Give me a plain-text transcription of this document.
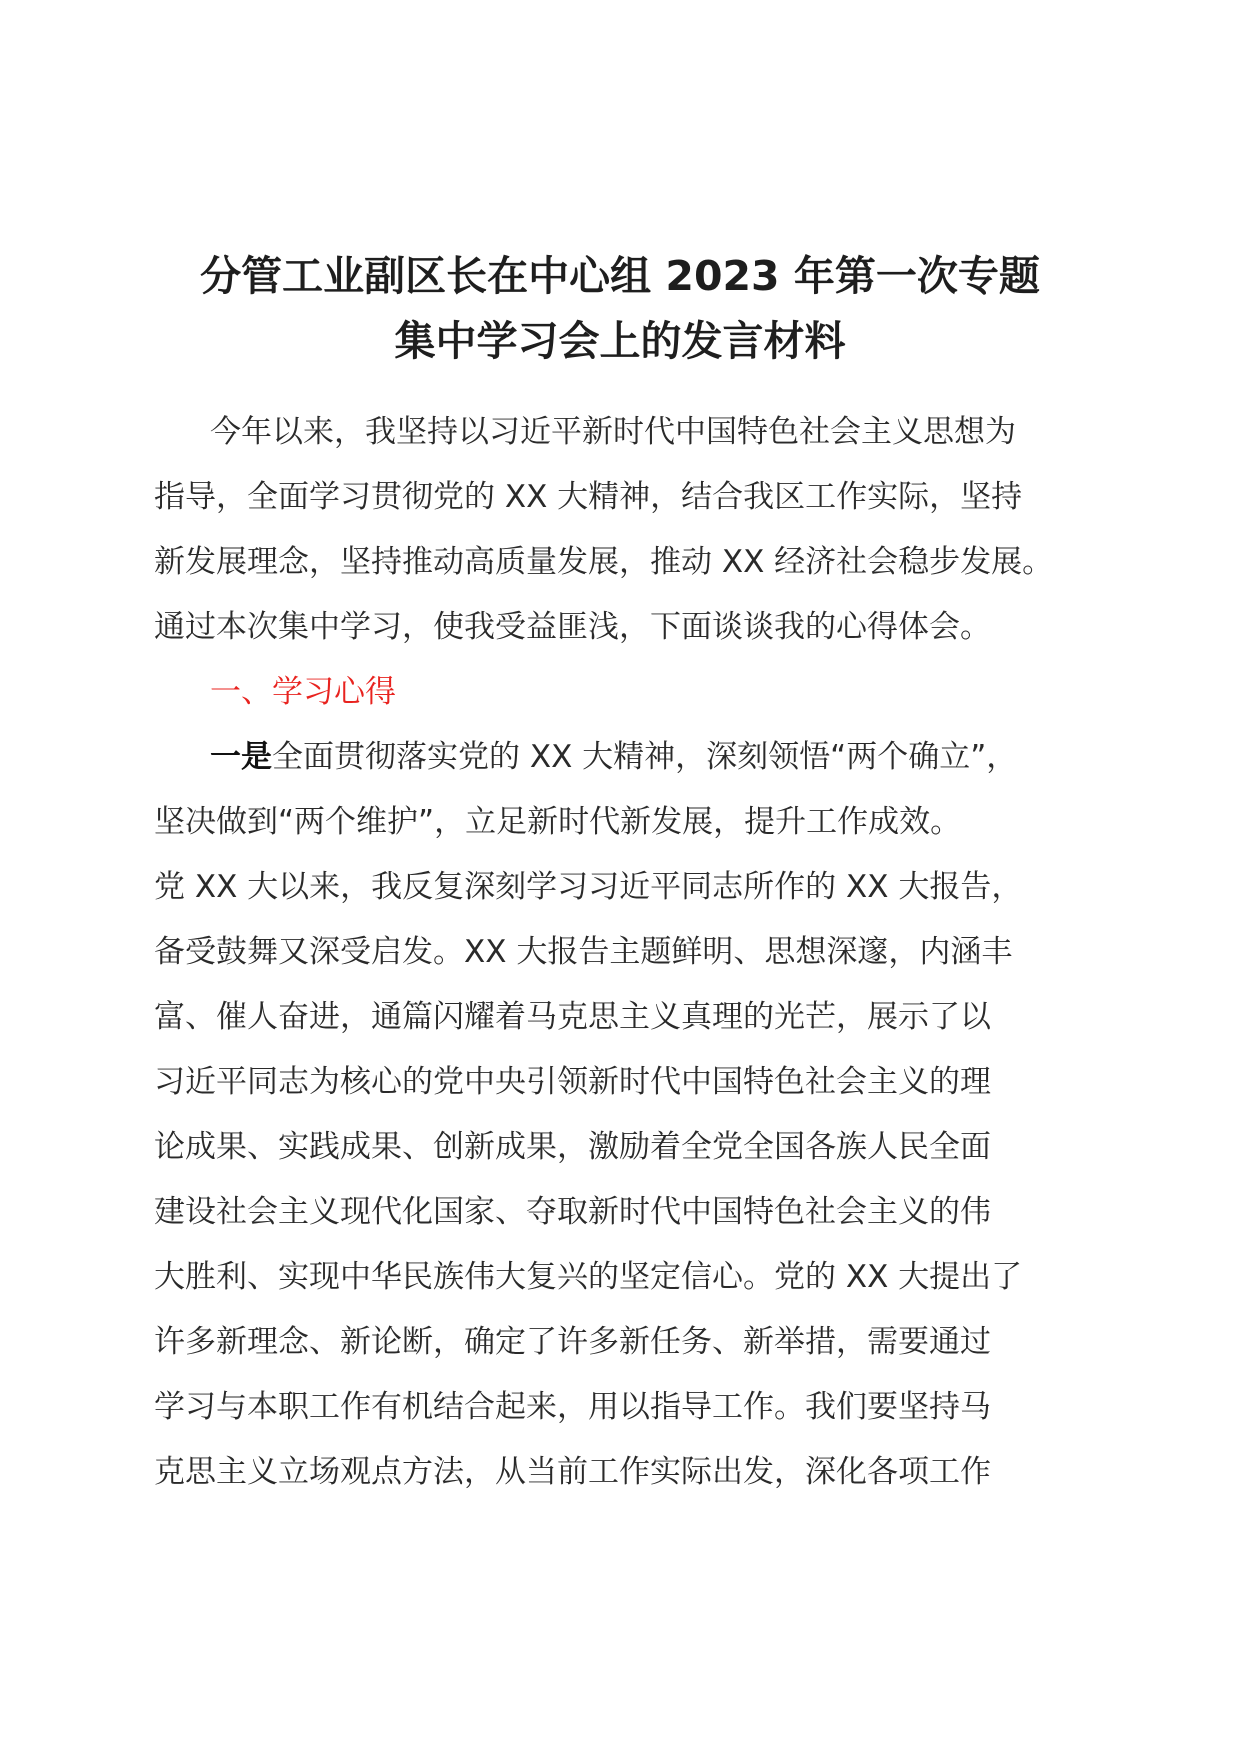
分管工业副区长在中心组 2023 年第一次专题
集中学习会上的发言材料
今年以来，我坚持以习近平新时代中国特色社会主义思想为
指导，全面学习贯彻党的 XX 大精神，结合我区工作实际，坚持
新发展理念，坚持推动高质量发展，推动 XX 经济社会稳步发展。
通过本次集中学习，使我受益匪浅，下面谈谈我的心得体会。
一、学习心得
一是全面贯彻落实党的 XX 大精神，深刻领悟“两个确立”，
坚决做到“两个维护”，立足新时代新发展，提升工作成效。
党 XX 大以来，我反复深刻学习习近平同志所作的 XX 大报告，
备受鼓舞又深受启发。XX 大报告主题鲜明、思想深邃，内涵丰
富、催人奋进，通篇闪耀着马克思主义真理的光芒，展示了以
习近平同志为核心的党中央引领新时代中国特色社会主义的理
论成果、实践成果、创新成果，激励着全党全国各族人民全面
建设社会主义现代化国家、夺取新时代中国特色社会主义的伟
大胜利、实现中华民族伟大复兴的坚定信心。党的 XX 大提出了
许多新理念、新论断，确定了许多新任务、新举措，需要通过
学习与本职工作有机结合起来，用以指导工作。我们要坚持马
克思主义立场观点方法，从当前工作实际出发，深化各项工作
